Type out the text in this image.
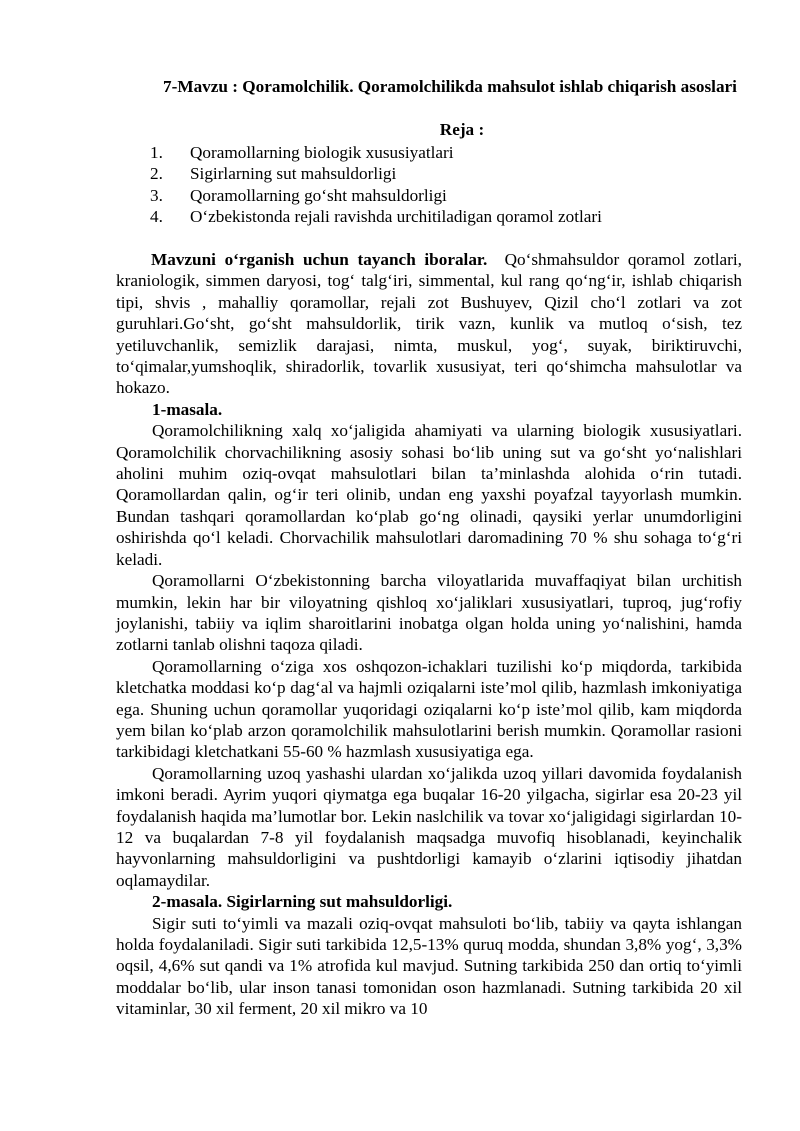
7-Mavzu : Qoramolchilik. Qoramolchilikda mahsulot ishlab chiqarish asoslari
Reja :
1. Qoramollarning biologik xususiyatlari
2. Sigirlarning sut mahsuldorligi
3. Qoramollarning go‘sht mahsuldorligi
4. O‘zbekistonda rejali ravishda urchitiladigan qoramol zotlari

Mavzuni o‘rganish uchun tayanch iboralar. Qo‘shmahsuldor qoramol zotlari, kraniologik, simmen daryosi, tog‘ talg‘iri, simmental, kul rang qo‘ng‘ir, ishlab chiqarish tipi, shvis , mahalliy qoramollar, rejali zot Bushuyev, Qizil cho‘l zotlari va zot guruhlari.Go‘sht, go‘sht mahsuldorlik, tirik vazn, kunlik va mutloq o‘sish, tez yetiluvchanlik, semizlik darajasi, nimta, muskul, yog‘, suyak, biriktiruvchi, to‘qimalar,yumshoqlik, shiradorlik, tovarlik xususiyat, teri qo‘shimcha mahsulotlar va hokazo.

1-masala.

Qoramolchilikning xalq xo‘jaligida ahamiyati va ularning biologik xususiyatlari. Qoramolchilik chorvachilikning asosiy sohasi bo‘lib uning sut va go‘sht yo‘nalishlari aholini muhim oziq-ovqat mahsulotlari bilan ta’minlashda alohida o‘rin tutadi. Qoramollardan qalin, og‘ir teri olinib, undan eng yaxshi poyafzal tayyorlash mumkin. Bundan tashqari qoramollardan ko‘plab go‘ng olinadi, qaysiki yerlar unumdorligini oshirishda qo‘l keladi. Chorvachilik mahsulotlari daromadining 70 % shu sohaga to‘g‘ri keladi.

Qoramollarni O‘zbekistonning barcha viloyatlarida muvaffaqiyat bilan urchitish mumkin, lekin har bir viloyatning qishloq xo‘jaliklari xususiyatlari, tuproq, jug‘rofiy joylanishi, tabiiy va iqlim sharoitlarini inobatga olgan holda uning yo‘nalishini, hamda zotlarni tanlab olishni taqoza qiladi.

Qoramollarning o‘ziga xos oshqozon-ichaklari tuzilishi ko‘p miqdorda, tarkibida kletchatka moddasi ko‘p dag‘al va hajmli oziqalarni iste’mol qilib, hazmlash imkoniyatiga ega. Shuning uchun qoramollar yuqoridagi oziqalarni ko‘p iste’mol qilib, kam miqdorda yem bilan ko‘plab arzon qoramolchilik mahsulotlarini berish mumkin. Qoramollar rasioni tarkibidagi kletchatkani 55-60 % hazmlash xususiyatiga ega.

Qoramollarning uzoq yashashi ulardan xo‘jalikda uzoq yillari davomida foydalanish imkoni beradi. Ayrim yuqori qiymatga ega buqalar 16-20 yilgacha, sigirlar esa 20-23 yil foydalanish haqida ma’lumotlar bor. Lekin naslchilik va tovar xo‘jaligidagi sigirlardan 10-12 va buqalardan 7-8 yil foydalanish maqsadga muvofiq hisoblanadi, keyinchalik hayvonlarning mahsuldorligini va pushtdorligi kamayib o‘zlarini iqtisodiy jihatdan oqlamaydilar.

2-masala. Sigirlarning sut mahsuldorligi.

Sigir suti to‘yimli va mazali oziq-ovqat mahsuloti bo‘lib, tabiiy va qayta ishlangan holda foydalaniladi. Sigir suti tarkibida 12,5-13% quruq modda, shundan 3,8% yog‘, 3,3% oqsil, 4,6% sut qandi va 1% atrofida kul mavjud. Sutning tarkibida 250 dan ortiq to‘yimli moddalar bo‘lib, ular inson tanasi tomonidan oson hazmlanadi. Sutning tarkibida 20 xil vitaminlar, 30 xil ferment, 20 xil mikro va 10
